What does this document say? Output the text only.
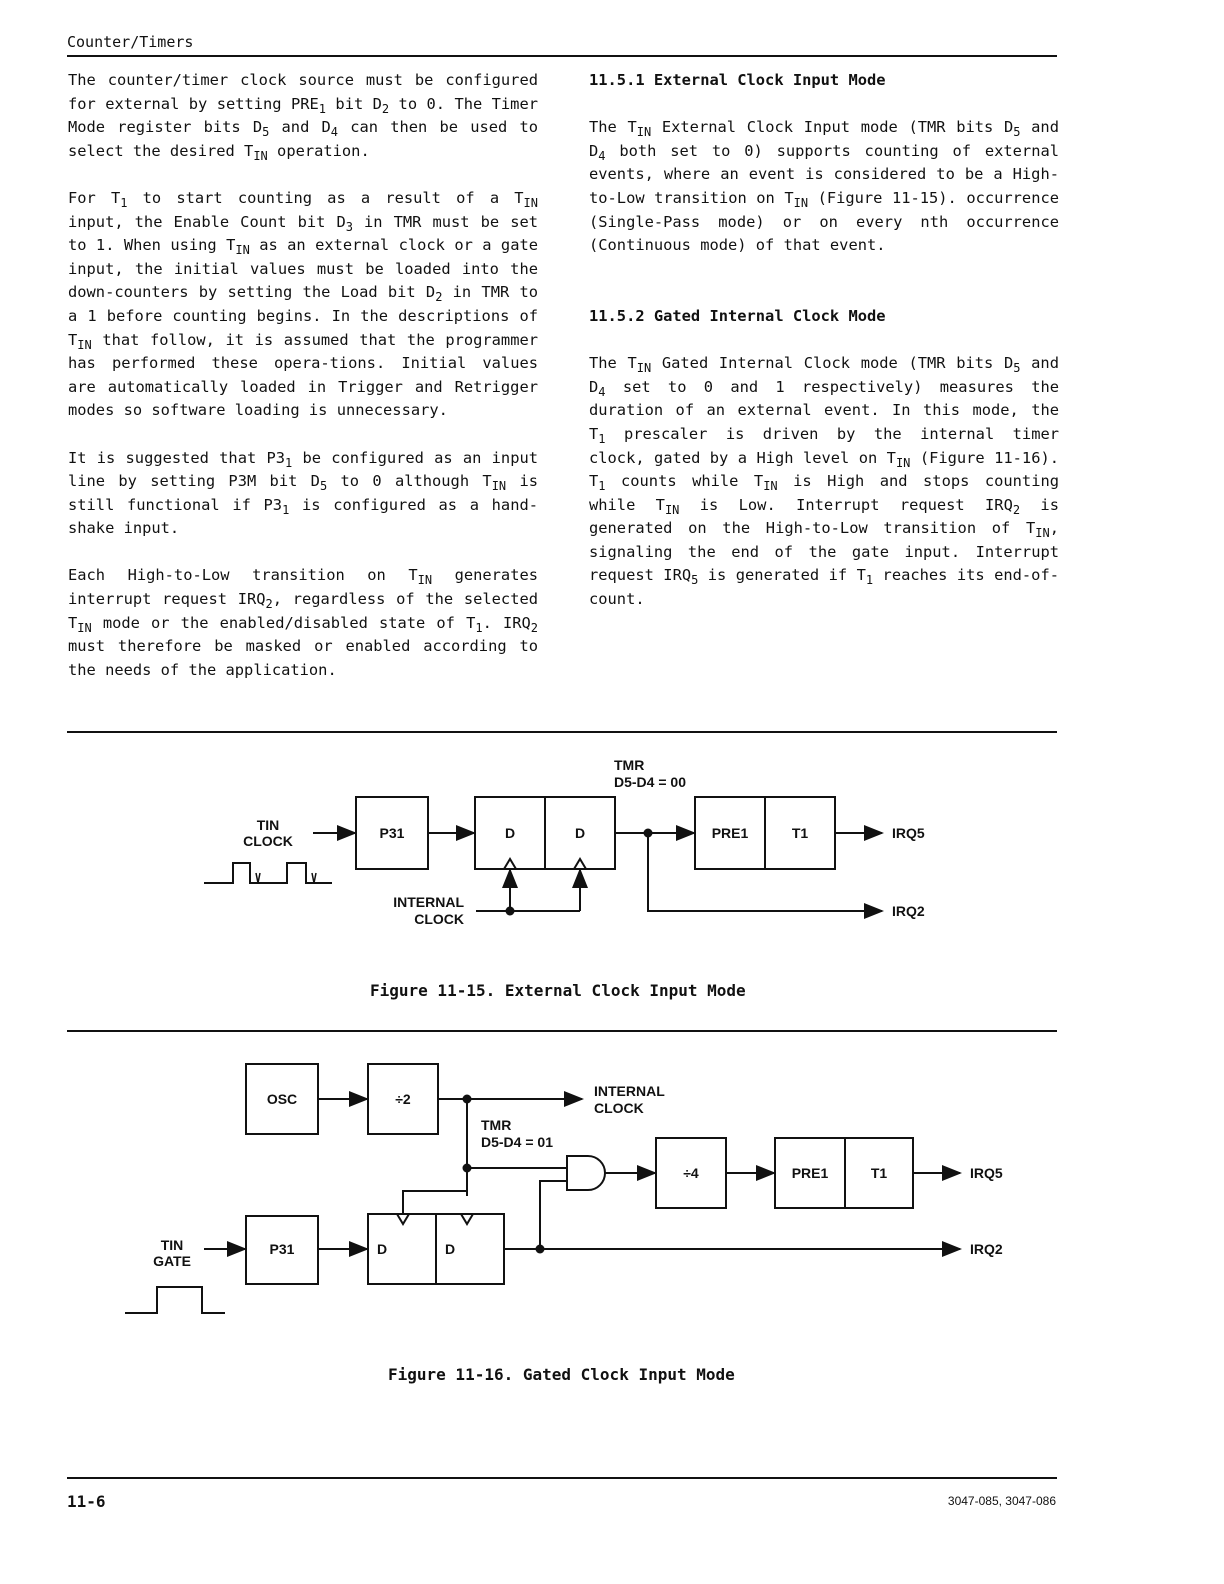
Counter/Timers

The counter/timer clock source must be configured for external by setting $PRE_1$ bit $D_2$ to 0. The Timer Mode register bits $D_5$ and $D_4$ can then be used to select the desired $T_{IN}$ operation.

For $T_1$ to start counting as a result of a $T_{IN}$ input, the Enable Count bit $D_3$ in TMR must be set to 1. When using $T_{IN}$ as an external clock or a gate input, the initial values must be loaded into the down-counters by setting the Load bit $D_2$ in TMR to a 1 before counting begins. In the descriptions of $T_{IN}$ that follow, it is assumed that the programmer has performed these opera-tions. Initial values are automatically loaded in Trigger and Retrigger modes so software loading is unnecessary.

It is suggested that $P3_1$ be configured as an input line by setting P3M bit $D_5$ to 0 although $T_{IN}$ is still functional if $P3_1$ is configured as a hand-shake input.

Each High-to-Low transition on $T_{IN}$ generates interrupt request $IRQ_2$, regardless of the selected $T_{IN}$ mode or the enabled/disabled state of $T_1$. $IRQ_2$ must therefore be masked or enabled according to the needs of the application.

11.5.1 External Clock Input Mode

The $T_{IN}$ External Clock Input mode (TMR bits $D_5$ and $D_4$ both set to 0) supports counting of external events, where an event is considered to be a High-to-Low transition on $T_{IN}$ (Figure 11-15). occurrence (Single-Pass mode) or on every nth occurrence (Continuous mode) of that event.

11.5.2 Gated Internal Clock Mode

The $T_{IN}$ Gated Internal Clock mode (TMR bits $D_5$ and $D_4$ set to 0 and 1 respectively) measures the duration of an external event. In this mode, the $T_1$ prescaler is driven by the internal timer clock, gated by a High level on $T_{IN}$ (Figure 11-16). $T_1$ counts while $T_{IN}$ is High and stops counting while $T_{IN}$ is Low. Interrupt request $IRQ_2$ is generated on the High-to-Low transition of $T_{IN}$, signaling the end of the gate input. Interrupt request $IRQ_5$ is generated if $T_1$ reaches its end-of-count.

TIN
CLOCK	P31	D	D	PRE1	T1	IRQ5
IRQ2
TMR
D5-D4 = 00
INTERNAL
CLOCK
Figure 11-15. External Clock Input Mode
OSC	÷2	INTERNAL
CLOCK
TMR
D5-D4 = 01
÷4	PRE1	T1	IRQ5
IRQ2
TIN
GATE
P31	D	D
Figure 11-16. Gated Clock Input Mode
11-6	3047-085, 3047-086
